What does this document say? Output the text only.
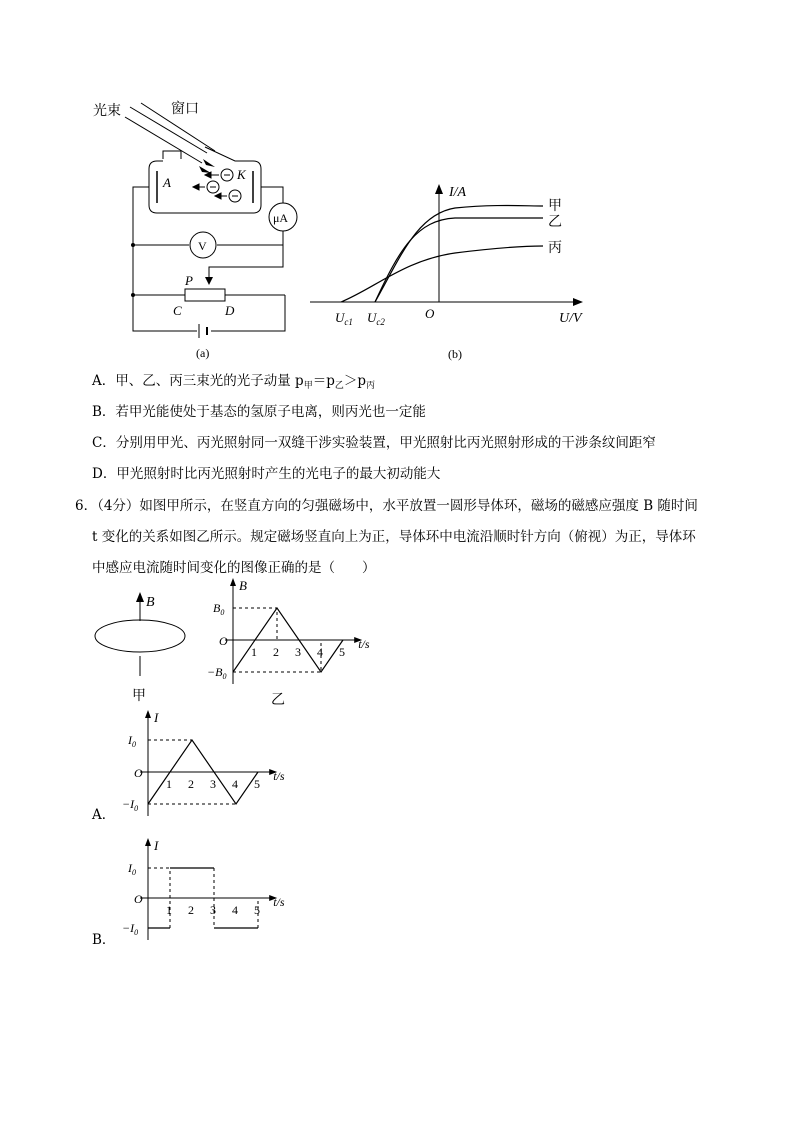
光束	窗口
A
K
μA
V
P
C	D
(a)
I/A
U/V
O
甲
乙
丙
$U_{c1}$ $U_{c2}$
(b)
A．甲、乙、丙三束光的光子动量 $p_甲=p_乙>p_丙$
B．若甲光能使处于基态的氢原子电离，则丙光也一定能
C．分别用甲光、丙光照射同一双缝干涉实验装置，甲光照射比丙光照射形成的干涉条纹间距窄
D．甲光照射时比丙光照射时产生的光电子的最大初动能大
6．（4分）如图甲所示，在竖直方向的匀强磁场中，水平放置一圆形导体环，磁场的磁感应强度 B 随时间
t 变化的关系如图乙所示。规定磁场竖直向上为正，导体环中电流沿顺时针方向（俯视）为正，导体环
中感应电流随时间变化的图像正确的是（　　）
B
甲
B
t/s
O
$B_0$
$-B_0$
1 2 3 4 5
乙
I
t/s
O
$I_0$
$-I_0$
1 2 3 4 5
A．
I
t/s
O
$I_0$
$-I_0$
1 2 3 4 5
B．
